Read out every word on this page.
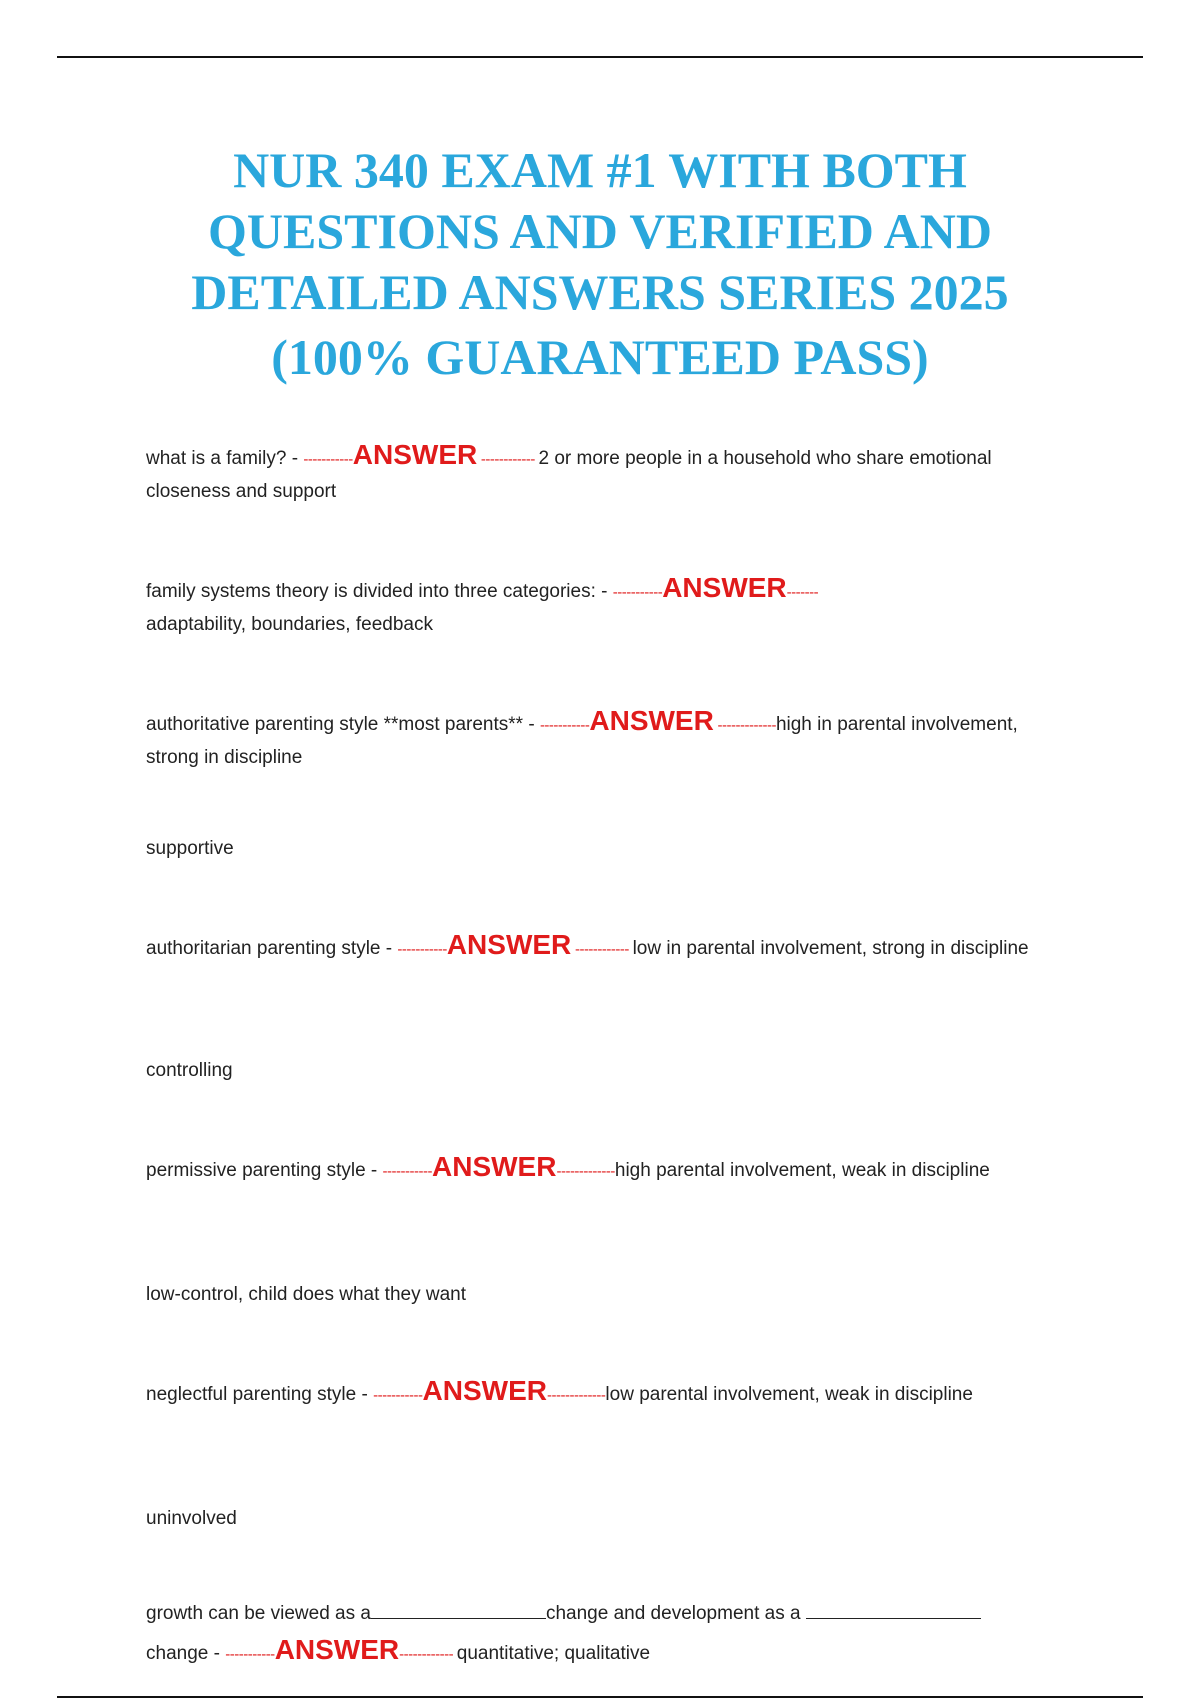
NUR 340 EXAM #1 WITH BOTH
QUESTIONS AND VERIFIED AND
DETAILED ANSWERS SERIES 2025
(100% GUARANTEED PASS)
what is a family? - -----------ANSWER ------------ 2 or more people in a household who share emotional closeness and support
family systems theory is divided into three categories: - -----------ANSWER-------
adaptability, boundaries, feedback
authoritative parenting style **most parents** - -----------ANSWER -------------high in parental involvement, strong in discipline
supportive
authoritarian parenting style - -----------ANSWER ------------ low in parental involvement, strong in discipline
controlling
permissive parenting style - -----------ANSWER-------------high parental involvement, weak in discipline
low-control, child does what they want
neglectful parenting style - -----------ANSWER-------------low parental involvement, weak in discipline
uninvolved
growth can be viewed as a	change and development as a
change - -----------ANSWER------------ quantitative; qualitative
